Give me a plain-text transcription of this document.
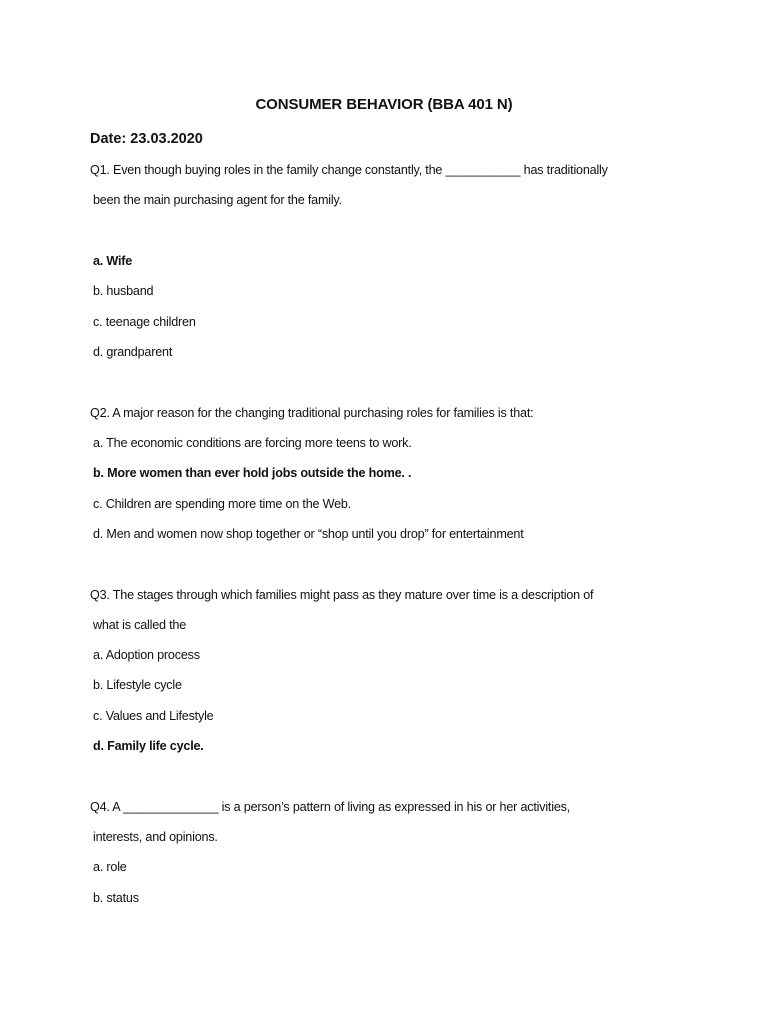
CONSUMER BEHAVIOR (BBA 401 N)
Date: 23.03.2020
Q1. Even though buying roles in the family change constantly, the ___________ has traditionally
been the main purchasing agent for the family.
a. Wife
b. husband
c. teenage children
d. grandparent
Q2. A major reason for the changing traditional purchasing roles for families is that:
a. The economic conditions are forcing more teens to work.
b. More women than ever hold jobs outside the home. .
c. Children are spending more time on the Web.
d. Men and women now shop together or “shop until you drop” for entertainment
Q3. The stages through which families might pass as they mature over time is a description of
what is called the
a. Adoption process
b. Lifestyle cycle
c. Values and Lifestyle
d. Family life cycle.
Q4. A ______________ is a person’s pattern of living as expressed in his or her activities,
interests, and opinions.
a. role
b. status
